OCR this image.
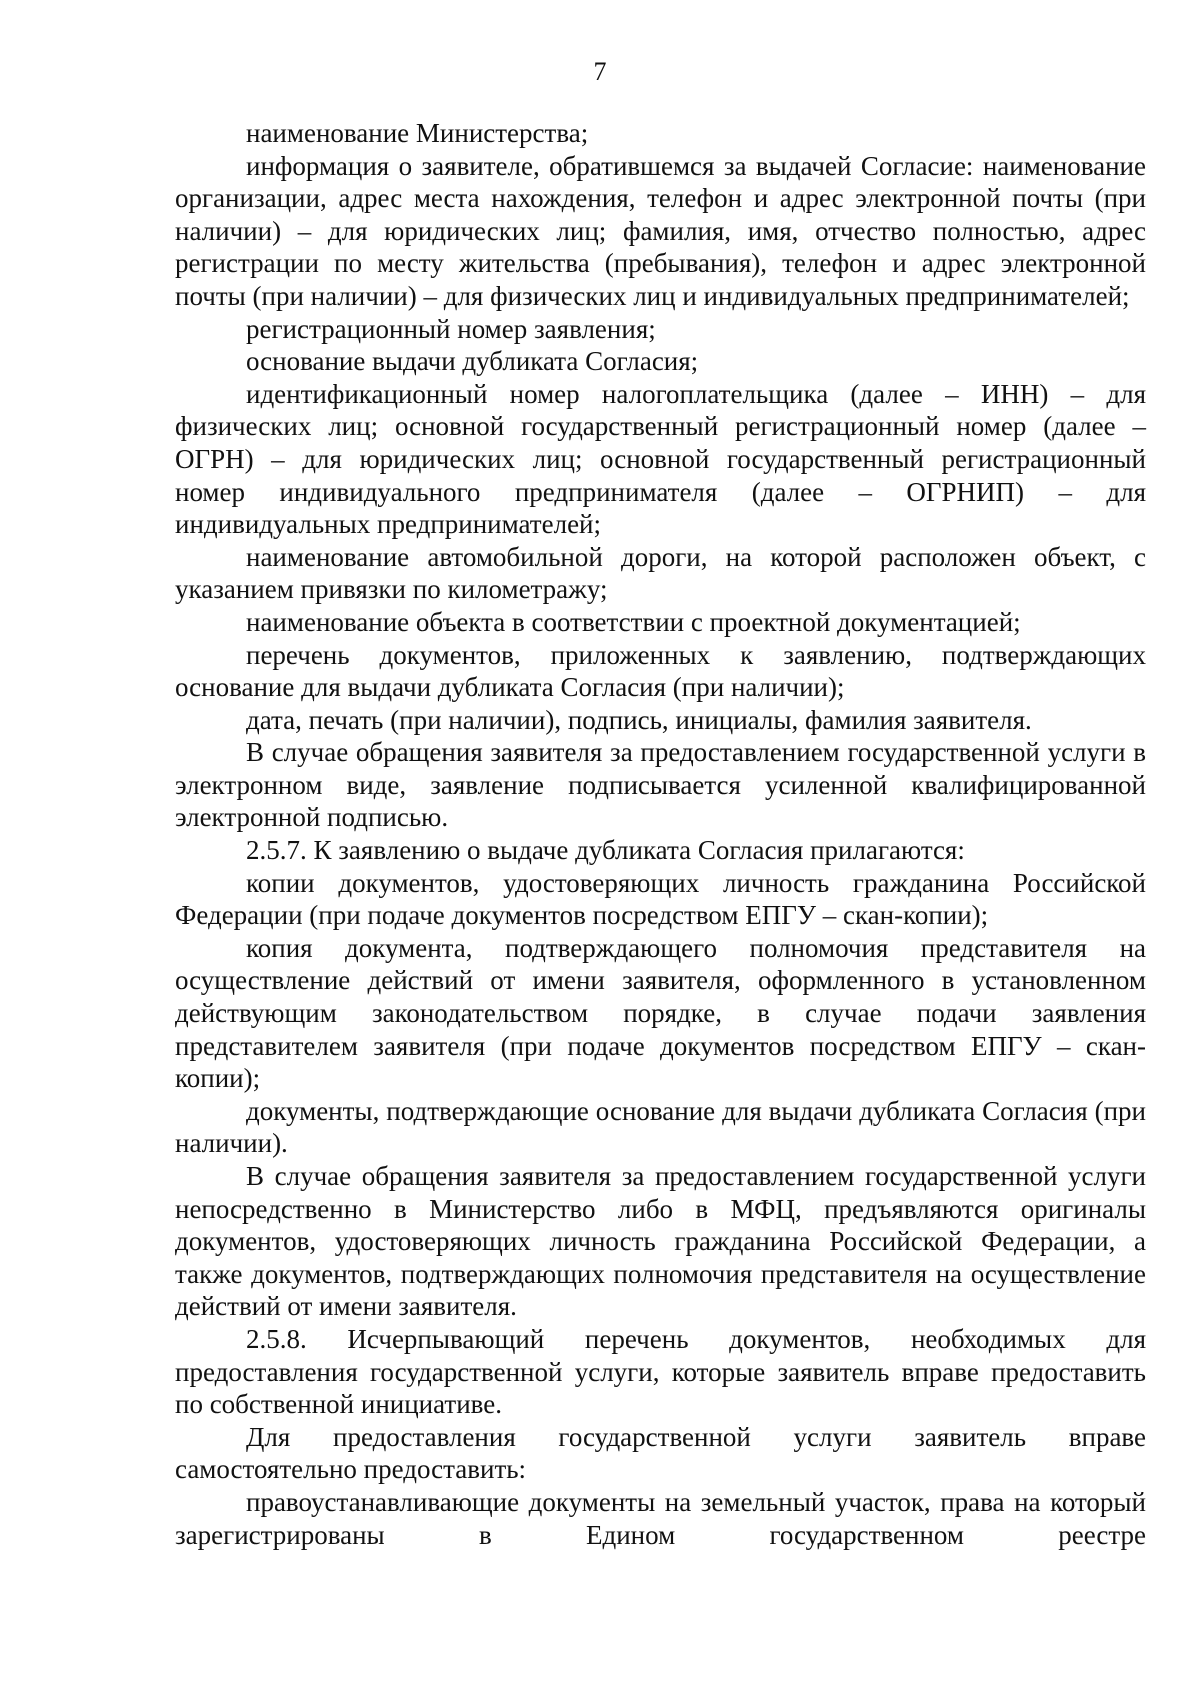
7

наименование Министерства;

информация о заявителе, обратившемся за выдачей Согласие: наименование организации, адрес места нахождения, телефон и адрес электронной почты (при наличии) – для юридических лиц; фамилия, имя, отчество полностью, адрес регистрации по месту жительства (пребывания), телефон и адрес электронной почты (при наличии) – для физических лиц и индивидуальных предпринимателей;

регистрационный номер заявления;

основание выдачи дубликата Согласия;

идентификационный номер налогоплательщика (далее – ИНН) – для физических лиц; основной государственный регистрационный номер (далее – ОГРН) – для юридических лиц; основной государственный регистрационный номер индивидуального предпринимателя (далее – ОГРНИП) – для индивидуальных предпринимателей;

наименование автомобильной дороги, на которой расположен объект, с указанием привязки по километражу;

наименование объекта в соответствии с проектной документацией;

перечень документов, приложенных к заявлению, подтверждающих основание для выдачи дубликата Согласия (при наличии);

дата, печать (при наличии), подпись, инициалы, фамилия заявителя.

В случае обращения заявителя за предоставлением государственной услуги в электронном виде, заявление подписывается усиленной квалифицированной электронной подписью.

2.5.7. К заявлению о выдаче дубликата Согласия прилагаются:

копии документов, удостоверяющих личность гражданина Российской Федерации (при подаче документов посредством ЕПГУ – скан-копии);

копия документа, подтверждающего полномочия представителя на осуществление действий от имени заявителя, оформленного в установленном действующим законодательством порядке, в случае подачи заявления представителем заявителя (при подаче документов посредством ЕПГУ – скан-копии);

документы, подтверждающие основание для выдачи дубликата Согласия (при наличии).

В случае обращения заявителя за предоставлением государственной услуги непосредственно в Министерство либо в МФЦ, предъявляются оригиналы документов, удостоверяющих личность гражданина Российской Федерации, а также документов, подтверждающих полномочия представителя на осуществление действий от имени заявителя.

2.5.8. Исчерпывающий перечень документов, необходимых для предоставления государственной услуги, которые заявитель вправе предоставить по собственной инициативе.

Для предоставления государственной услуги заявитель вправе самостоятельно предоставить:

правоустанавливающие документы на земельный участок, права на который зарегистрированы в Едином государственном реестре
